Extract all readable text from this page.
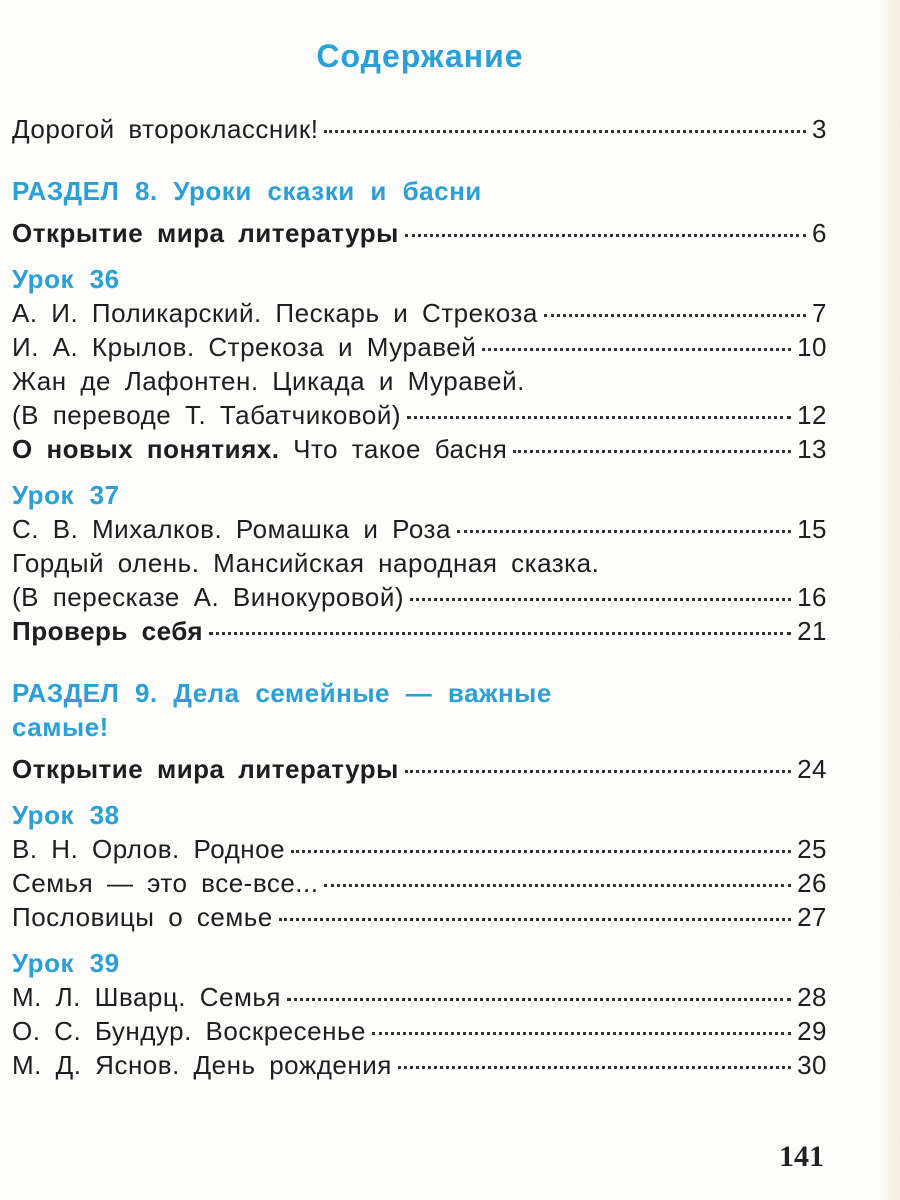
Содержание
Дорогой второклассник!	3
РАЗДЕЛ 8. Уроки сказки и басни
Открытие мира литературы	6
Урок 36
А. И. Поликарский. Пескарь и Стрекоза	7
И. А. Крылов. Стрекоза и Муравей	10
Жан де Лафонтен. Цикада и Муравей.
(В переводе Т. Табатчиковой)	12
О новых понятиях. Что такое басня	13
Урок 37
С. В. Михалков. Ромашка и Роза	15
Гордый олень. Мансийская народная сказка.
(В пересказе А. Винокуровой)	16
Проверь себя	21
РАЗДЕЛ 9. Дела семейные — важные
самые!
Открытие мира литературы	24
Урок 38
В. Н. Орлов. Родное	25
Семья — это все-все...	26
Пословицы о семье	27
Урок 39
М. Л. Шварц. Семья	28
О. С. Бундур. Воскресенье	29
М. Д. Яснов. День рождения	30
141
